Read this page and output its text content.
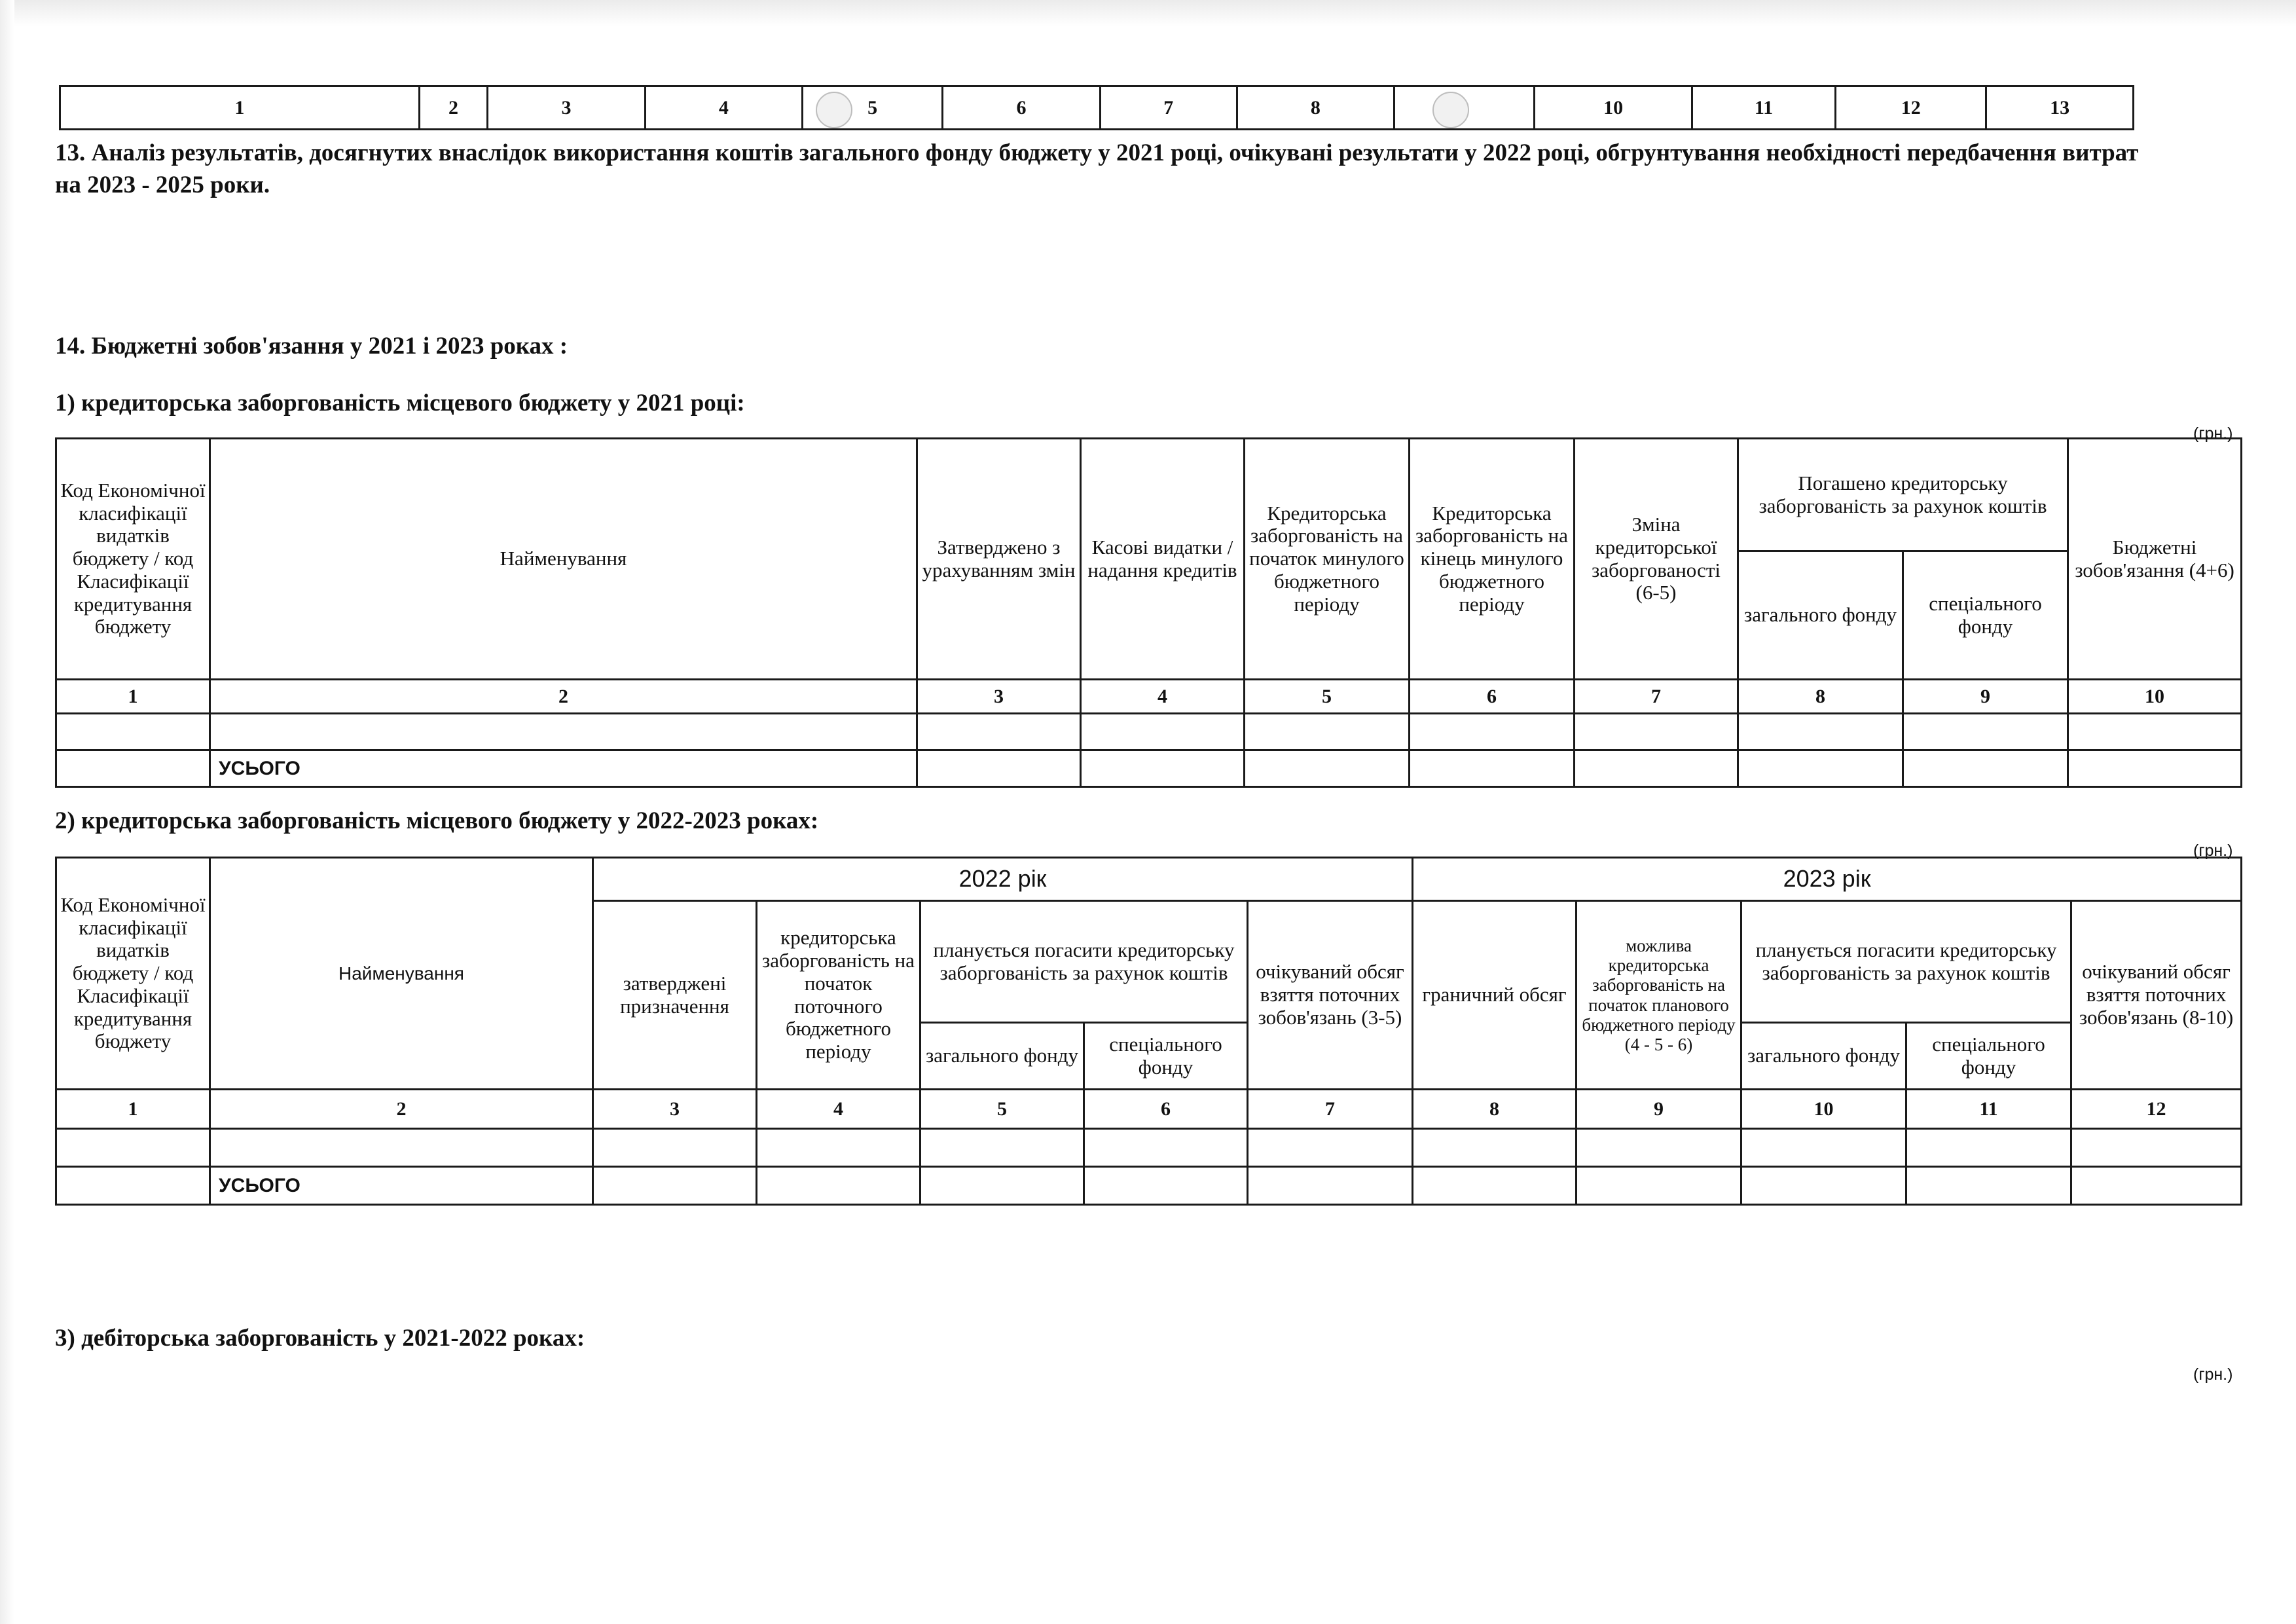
1	2	3	4	5	6	7	8		10	11	12	13

13. Аналіз результатів, досягнутих внаслідок використання коштів загального фонду бюджету у 2021 році, очікувані результати у 2022 році, обгрунтування необхідності передбачення витрат на 2023 - 2025 роки.

14. Бюджетні зобов'язання у 2021 і 2023 роках :

1) кредиторська заборгованість місцевого бюджету у 2021 році:

(грн.)
Код Економічної класифікації видатків бюджету / код Класифікації кредитування бюджету	Найменування	Затверджено з урахуванням змін	Касові видатки / надання кредитів	Кредиторська заборгованість на початок минулого бюджетного періоду	Кредиторська заборгованість на кінець минулого бюджетного періоду	Зміна кредиторської заборгованості (6-5)	Погашено кредиторську заборгованість за рахунок коштів		Бюджетні зобов'язання (4+6)
							загального фонду	спеціального фонду	
1	2	3	4	5	6	7	8	9	10

	УСЬОГО								

2) кредиторська заборгованість місцевого бюджету у 2022-2023 роках:

(грн.)
Код Економічної класифікації видатків бюджету / код Класифікації кредитування бюджету	Найменування	2022 рік					2023 рік				
		затверджені призначення	кредиторська заборгованість на початок поточного бюджетного періоду	планується погасити кредиторську заборгованість за рахунок коштів		очікуваний обсяг взяття поточних зобов'язань (3-5)	граничний обсяг	можлива кредиторська заборгованість на початок планового бюджетного періоду (4 - 5 - 6)	планується погасити кредиторську заборгованість за рахунок коштів		очікуваний обсяг взяття поточних зобов'язань (8-10)
				загального фонду	спеціального фонду				загального фонду	спеціального фонду	
1	2	3	4	5	6	7	8	9	10	11	12

	УСЬОГО										

3) дебіторська заборгованість у 2021-2022 роках:

(грн.)
